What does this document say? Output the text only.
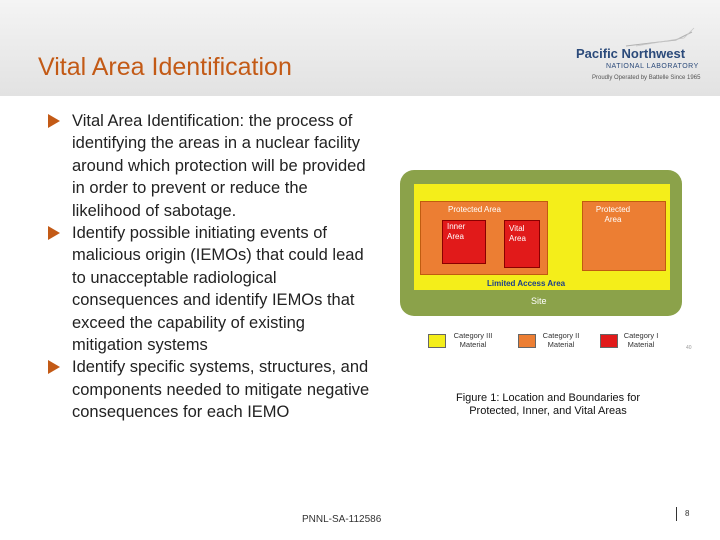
Vital Area Identification	Pacific Northwest
NATIONAL LABORATORY
Proudly Operated by Battelle Since 1965
Vital Area Identification: the process of identifying the areas in a nuclear facility around which protection will be provided in order to prevent or reduce the likelihood of sabotage.
Identify possible initiating events of malicious origin (IEMOs) that could lead to unacceptable radiological consequences and identify IEMOs that exceed the capability of existing mitigation systems
Identify specific systems, structures, and components needed to mitigate negative consequences for each IEMO
Protected Area	Protected Area
Inner Area
Vital Area
Limited Access Area
Site
Category III Material
Category II Material
Category I Material	40
Figure 1: Location and Boundaries for Protected, Inner, and Vital Areas
PNNL-SA-112586
8
